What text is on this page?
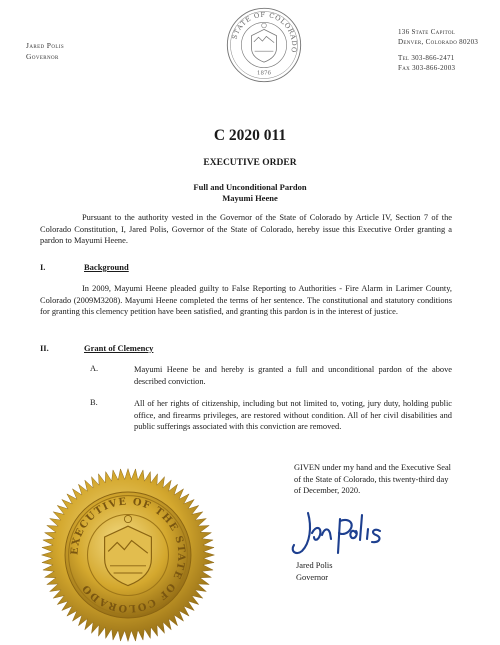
Jared Polis
Governor
STATE OF COLORADO
1876
136 State Capitol
Denver, Colorado 80203
Tel 303-866-2471
Fax 303-866-2003
C 2020 011
EXECUTIVE ORDER
Full and Unconditional Pardon
Mayumi Heene
Pursuant to the authority vested in the Governor of the State of Colorado by Article IV, Section 7 of the Colorado Constitution, I, Jared Polis, Governor of the State of Colorado, hereby issue this Executive Order granting a pardon to Mayumi Heene.
I.	Background
In 2009, Mayumi Heene pleaded guilty to False Reporting to Authorities - Fire Alarm in Larimer County, Colorado (2009M3208). Mayumi Heene completed the terms of her sentence. The constitutional and statutory conditions for granting this clemency petition have been satisfied, and granting this pardon is in the interest of justice.
II.	Grant of Clemency
A.	Mayumi Heene be and hereby is granted a full and unconditional pardon of the above described conviction.
B.	All of her rights of citizenship, including but not limited to, voting, jury duty, holding public office, and firearms privileges, are restored without condition. All of her civil disabilities and public sufferings associated with this conviction are removed.
GIVEN under my hand and the Executive Seal of the State of Colorado, this twenty-third day of December, 2020.
Jared Polis
Governor
EXECUTIVE OF THE STATE OF COLORADO
